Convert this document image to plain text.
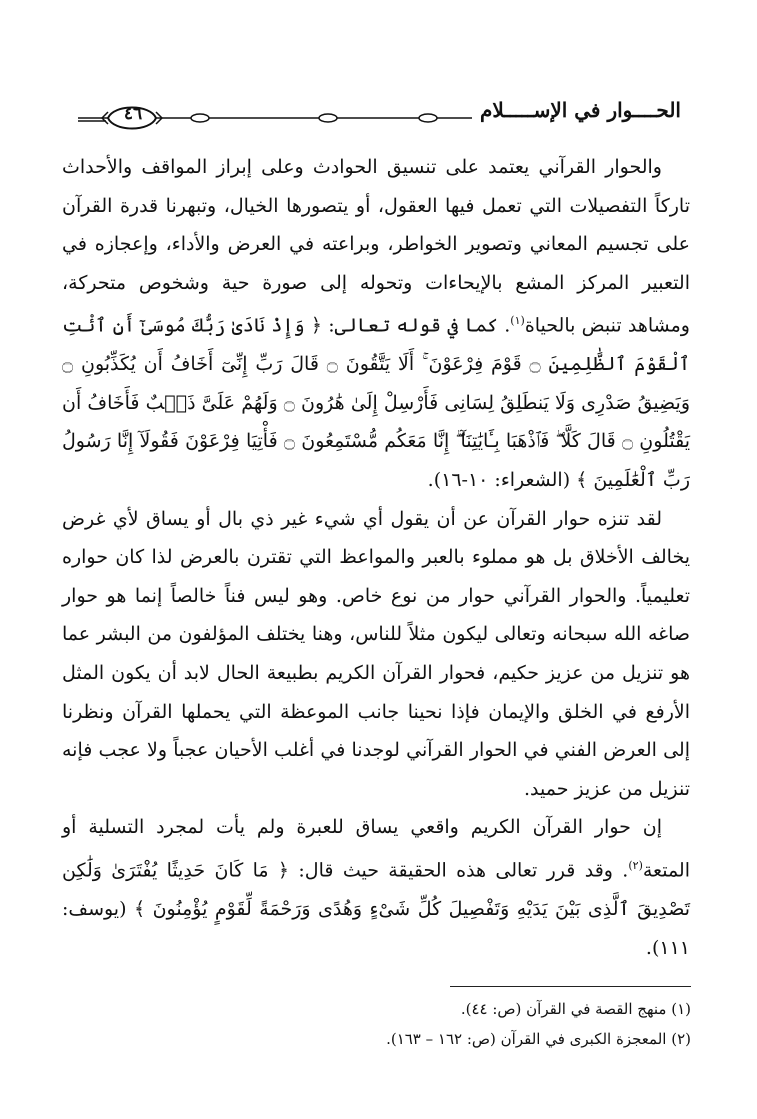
٤٦	الحــــوار في الإســـــلام

والحوار القرآني يعتمد على تنسيق الحوادث وعلى إبراز المواقف والأحداث تاركاً التفصيلات التي تعمل فيها العقول، أو يتصورها الخيال، وتبهرنا قدرة القرآن على تجسيم المعاني وتصوير الخواطر، وبراعته في العرض والأداء، وإعجازه في التعبير المركز المشع بالإيحاءات وتحوله إلى صورة حية وشخوص متحركة، ومشاهد تنبض بالحياة$^{(١)}$. كما في قوله تعالى: ﴿ وَإِذْ نَادَىٰ رَبُّكَ مُوسَىٰٓ أَنِ ٱئْتِ ٱلْقَوْمَ ٱلظَّٰلِمِينَ ۝ قَوْمَ فِرْعَوْنَ ۚ أَلَا يَتَّقُونَ ۝ قَالَ رَبِّ إِنِّىٓ أَخَافُ أَن يُكَذِّبُونِ ۝ وَيَضِيقُ صَدْرِى وَلَا يَنطَلِقُ لِسَانِى فَأَرْسِلْ إِلَىٰ هَٰرُونَ ۝ وَلَهُمْ عَلَىَّ ذَنۢبٌ فَأَخَافُ أَن يَقْتُلُونِ ۝ قَالَ كَلَّا ۖ فَٱذْهَبَا بِـَٔايَٰتِنَآ ۖ إِنَّا مَعَكُم مُّسْتَمِعُونَ ۝ فَأْتِيَا فِرْعَوْنَ فَقُولَآ إِنَّا رَسُولُ رَبِّ ٱلْعَٰلَمِينَ ﴾ (الشعراء: ١٠-١٦).

لقد تنزه حوار القرآن عن أن يقول أي شيء غير ذي بال أو يساق لأي غرض يخالف الأخلاق بل هو مملوء بالعبر والمواعظ التي تقترن بالعرض لذا كان حواره تعليمياً. والحوار القرآني حوار من نوع خاص. وهو ليس فناً خالصاً إنما هو حوار صاغه الله سبحانه وتعالى ليكون مثلاً للناس، وهنا يختلف المؤلفون من البشر عما هو تنزيل من عزيز حكيم، فحوار القرآن الكريم بطبيعة الحال لابد أن يكون المثل الأرفع في الخلق والإيمان فإذا نحينا جانب الموعظة التي يحملها القرآن ونظرنا إلى العرض الفني في الحوار القرآني لوجدنا في أغلب الأحيان عجباً ولا عجب فإنه تنزيل من عزيز حميد.

إن حوار القرآن الكريم واقعي يساق للعبرة ولم يأت لمجرد التسلية أو المتعة$^{(٢)}$. وقد قرر تعالى هذه الحقيقة حيث قال: ﴿ مَا كَانَ حَدِيثًا يُفْتَرَىٰ وَلَٰكِن تَصْدِيقَ ٱلَّذِى بَيْنَ يَدَيْهِ وَتَفْصِيلَ كُلِّ شَىْءٍ وَهُدًى وَرَحْمَةً لِّقَوْمٍ يُؤْمِنُونَ ﴾ (يوسف: ١١١).

(١) منهج القصة في القرآن (ص: ٤٤).
(٢) المعجزة الكبرى في القرآن (ص: ١٦٢ – ١٦٣).
